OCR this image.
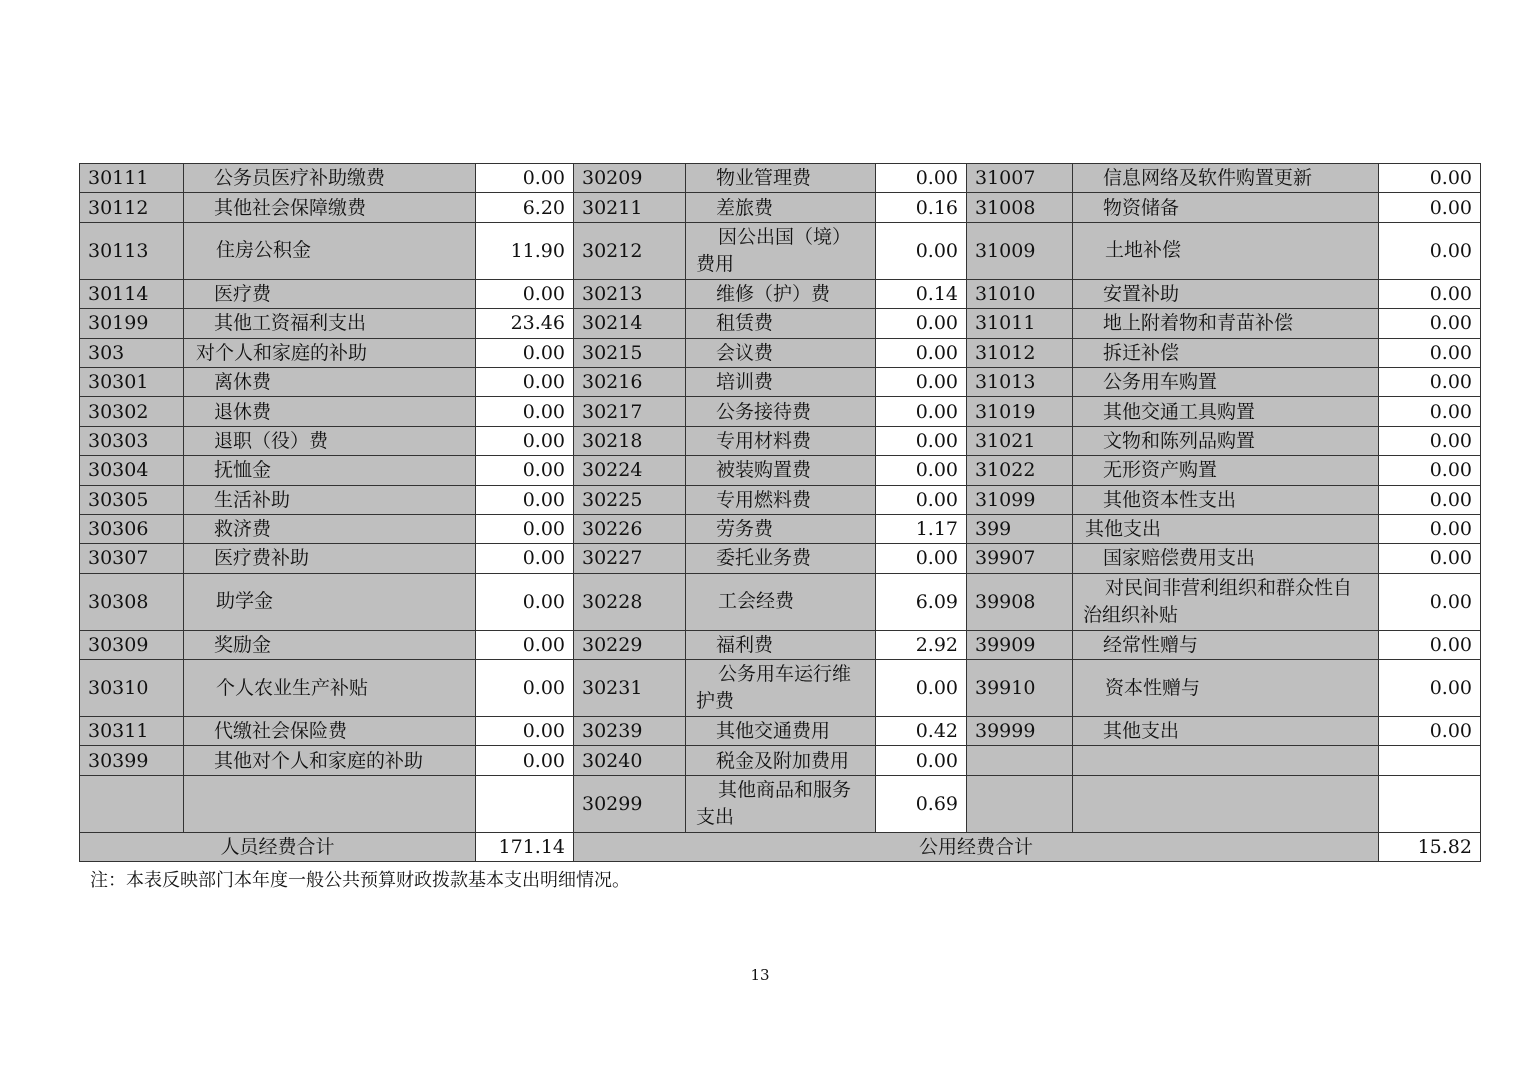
30111	公务员医疗补助缴费	0.00	30209	物业管理费	0.00	31007	信息网络及软件购置更新	0.00
30112	其他社会保障缴费	6.20	30211	差旅费	0.16	31008	物资储备	0.00
30113	住房公积金	11.90	30212	因公出国（境）费用	0.00	31009	土地补偿	0.00
30114	医疗费	0.00	30213	维修（护）费	0.14	31010	安置补助	0.00
30199	其他工资福利支出	23.46	30214	租赁费	0.00	31011	地上附着物和青苗补偿	0.00
303	对个人和家庭的补助	0.00	30215	会议费	0.00	31012	拆迁补偿	0.00
30301	离休费	0.00	30216	培训费	0.00	31013	公务用车购置	0.00
30302	退休费	0.00	30217	公务接待费	0.00	31019	其他交通工具购置	0.00
30303	退职（役）费	0.00	30218	专用材料费	0.00	31021	文物和陈列品购置	0.00
30304	抚恤金	0.00	30224	被装购置费	0.00	31022	无形资产购置	0.00
30305	生活补助	0.00	30225	专用燃料费	0.00	31099	其他资本性支出	0.00
30306	救济费	0.00	30226	劳务费	1.17	399	其他支出	0.00
30307	医疗费补助	0.00	30227	委托业务费	0.00	39907	国家赔偿费用支出	0.00
30308	助学金	0.00	30228	工会经费	6.09	39908	对民间非营利组织和群众性自治组织补贴	0.00
30309	奖励金	0.00	30229	福利费	2.92	39909	经常性赠与	0.00
30310	个人农业生产补贴	0.00	30231	公务用车运行维护费	0.00	39910	资本性赠与	0.00
30311	代缴社会保险费	0.00	30239	其他交通费用	0.42	39999	其他支出	0.00
30399	其他对个人和家庭的补助	0.00	30240	税金及附加费用	0.00			
			30299	其他商品和服务支出	0.69			
人员经费合计		171.14	公用经费合计					15.82
注：本表反映部门本年度一般公共预算财政拨款基本支出明细情况。
13
